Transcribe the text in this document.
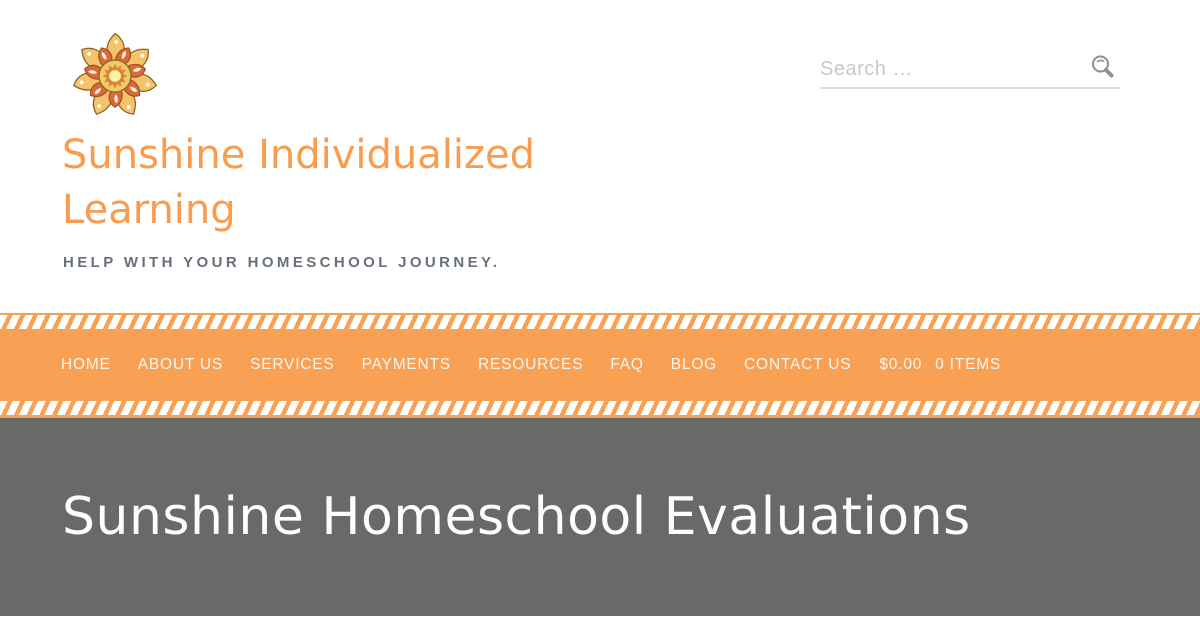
Search …
Sunshine Individualized
Learning

HELP WITH YOUR HOMESCHOOL JOURNEY.

HOME ABOUT US SERVICES PAYMENTS RESOURCES FAQ BLOG CONTACT US $0.00 0 ITEMS
Sunshine Homeschool Evaluations
